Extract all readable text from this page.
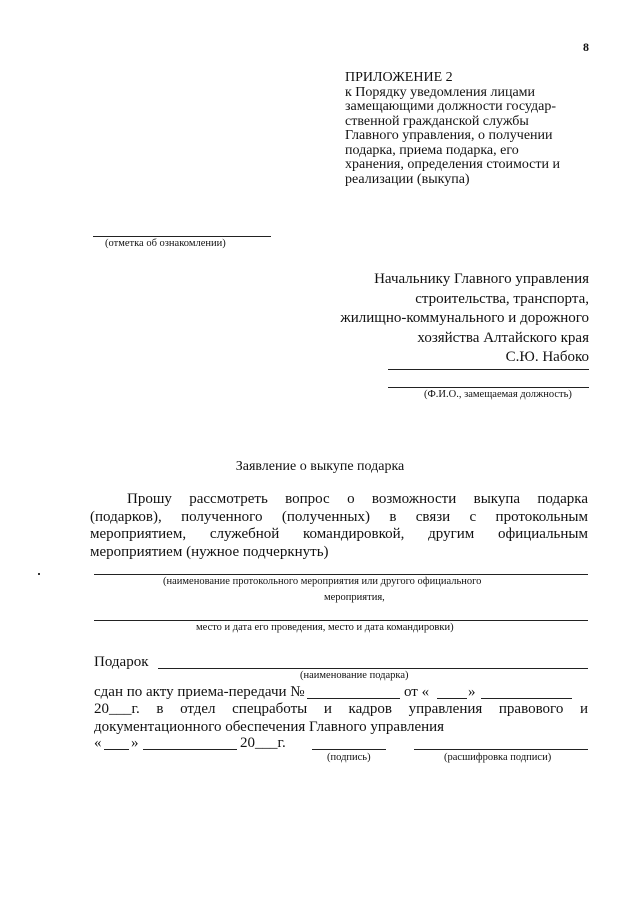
8
ПРИЛОЖЕНИЕ 2
к Порядку уведомления лицами
замещающими должности государ-
ственной гражданской службы
Главного управления, о получении
подарка, приема подарка, его
хранения, определения стоимости и
реализации (выкупа)
(отметка об ознакомлении)
Начальнику Главного управления
строительства, транспорта,
жилищно-коммунального и дорожного
хозяйства Алтайского края
С.Ю. Набоко
(Ф.И.О., замещаемая должность)
Заявление о выкупе подарка
Прошу рассмотреть вопрос о возможности выкупа подарка
(подарков), полученного (полученных) в связи с протокольным
мероприятием, служебной командировкой, другим официальным
мероприятием (нужное подчеркнуть)
(наименование протокольного мероприятия или другого официального
мероприятия,
место и дата его проведения, место и дата командировки)
Подарок
(наименование подарка)
сдан по акту приема-передачи №	от «	»
20___г. в отдел спецработы и кадров управления правового и
документационного обеспечения Главного управления
« »	20___г.
(подпись)	(расшифровка подписи)
